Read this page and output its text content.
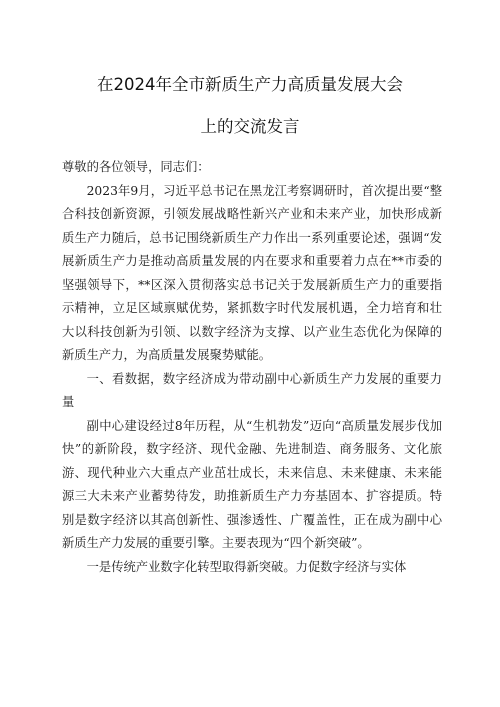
在2024年全市新质生产力高质量发展大会
上的交流发言

尊敬的各位领导，同志们：

2023年9月，习近平总书记在黑龙江考察调研时，首次提出要“整合科技创新资源，引领发展战略性新兴产业和未来产业，加快形成新质生产力随后，总书记围绕新质生产力作出一系列重要论述，强调“发展新质生产力是推动高质量发展的内在要求和重要着力点在**市委的坚强领导下，**区深入贯彻落实总书记关于发展新质生产力的重要指示精神，立足区域禀赋优势，紧抓数字时代发展机遇，全力培育和壮大以科技创新为引领、以数字经济为支撑、以产业生态优化为保障的新质生产力，为高质量发展聚势赋能。

一、看数据，数字经济成为带动副中心新质生产力发展的重要力量

副中心建设经过8年历程，从“生机勃发”迈向“高质量发展步伐加快”的新阶段，数字经济、现代金融、先进制造、商务服务、文化旅游、现代种业六大重点产业茁壮成长，未来信息、未来健康、未来能源三大未来产业蓄势待发，助推新质生产力夯基固本、扩容提质。特别是数字经济以其高创新性、强渗透性、广覆盖性，正在成为副中心新质生产力发展的重要引擎。主要表现为“四个新突破”。

一是传统产业数字化转型取得新突破。力促数字经济与实体
